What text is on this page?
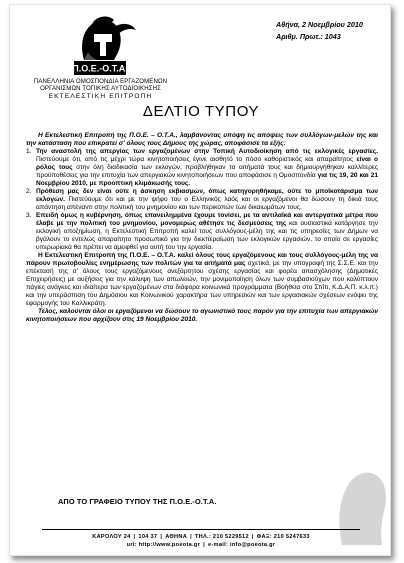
Π.Ο.Ε.-Ο.Τ.Α.
ΠΑΝΕΛΛΗΝΙΑ ΟΜΟΣΠΟΝΔΙΑ ΕΡΓΑΖΟΜΕΝΩΝ
ΟΡΓΑΝΙΣΜΩΝ ΤΟΠΙΚΗΣ ΑΥΤΟΔΙΟΙΚΗΣΗΣ
ΕΚΤΕΛΕΣΤΙΚΗ ΕΠΙΤΡΟΠΗ
Αθήνα, 2 Νοεμβρίου 2010
Αριθμ. Πρωτ.: 1043
ΔΕΛΤΙΟ ΤΥΠΟΥ

Η Εκτελεστική Επιτροπή της Π.Ο.Ε. – Ο.Τ.Α., λαμβάνοντας υπόψη τις απόψεις των συλλόγων-μελών της και την κατάσταση που επικρατεί σ' όλους τους Δήμους της χώρας, αποφάσισε τα εξής:

1. Την αναστολή της απεργίας των εργαζομένων στην Τοπική Αυτοδιοίκηση από τις εκλογικές εργασίες. Πιστεύουμε ότι, από τις μέχρι τώρα κινητοποιήσεις έγινε αισθητό το πόσο καθοριστικός και απαραίτητος είναι ο ρόλος τους στην όλη διαδικασία των εκλογών, προβλήθηκαν τα αιτήματά τους και δημιουργήθηκαν καλλίτερες προϋποθέσεις για την επιτυχία των απεργιακών κινητοποιήσεων που αποφάσισε η Ομοσπονδία για τις 19, 20 και 21 Νοεμβρίου 2010, με προοπτική κλιμάκωσής τους.
2. Πρόθεση μας δεν είναι ούτε η άσκηση εκβιασμών, όπως κατηγορηθήκαμε, ούτε το μποϊκοτάρισμα των εκλογών. Πιστεύουμε ότι και με την ψήφο του ο Ελληνικός λαός και οι εργαζόμενοι θα δώσουν τη δικιά τους απάντηση απέναντι στην πολιτική του μνημονίου και των περικοπών των δικαιωμάτων τους.
3. Επειδή όμως η κυβέρνηση, όπως επανειλημμένα έχουμε τονίσει, με τα αντιλαϊκά και αντεργατικά μέτρα που έλαβε με την πολιτική του μνημονίου, μονομερώς αθέτησε τις δεσμεύσεις της και ουσιαστικά κατάργησε την εκλογική αποζημίωση, η Εκτελεστική Επιτροπή καλεί τους συλλόγους-μέλη της και τις υπηρεσίες των Δήμων να βγάλουν το εντελώς απαραίτητο προσωπικό για την διεκπεραίωση των εκλογικών εργασιών, το οποίο σε εργασίες υπερωριακά θα πρέπει να αμειφθεί για αυτή του την εργασία.

Η Εκτελεστική Επιτροπή της Π.Ο.Ε. – Ο.Τ.Α. καλεί όλους τους εργαζόμενους και τους συλλόγους-μέλη της να πάρουν πρωτοβουλίες ενημέρωσης των πολιτών για τα αιτήματά μας σχετικά, με την υπογραφή της Σ.Σ.Ε. και την επέκτασή της σ' όλους τους εργαζόμενους ανεξάρτητου σχέσης εργασίας και φορέα απασχόλησης (Δημοτικές Επιχειρήσεις) με αυξήσεις για την κάλυψη των απωλειών, την μονιμοποίηση όλων των συμβασιούχων που καλύπτουν πάγιες ανάγκες και ιδιαίτερα των εργαζομένων στα διάφορα κοινωνικά προγράμματα (Βοήθεια στο Σπίτι, Κ.Δ.Α.Π. κ.λ.π.) και την υπεράσπιση του Δημόσιου και Κοινωνικού χαρακτήρα των υπηρεσιών και των εργασιακών σχέσεων ενόψει της εφαρμογής του Καλλικράτη.

Τέλος, καλούνται όλοι οι εργαζόμενοι να δώσουν το αγωνιστικό τους παρόν για την επιτυχία των απεργιακών κινητοποιήσεων που αρχίζουν στις 19 Νοεμβρίου 2010.

ΑΠΟ ΤΟ ΓΡΑΦΕΙΟ ΤΥΠΟΥ ΤΗΣ Π.Ο.Ε.-Ο.Τ.Α.
ΚΑΡΟΛΟΥ 24 | 104 37 | ΑΘΗΝΑ | ΤΗΛ.: 210 5229512 | ΦΑΞ: 210 5247633
url: http://www.poeota.gr | e-mail: info@poeota.gr
